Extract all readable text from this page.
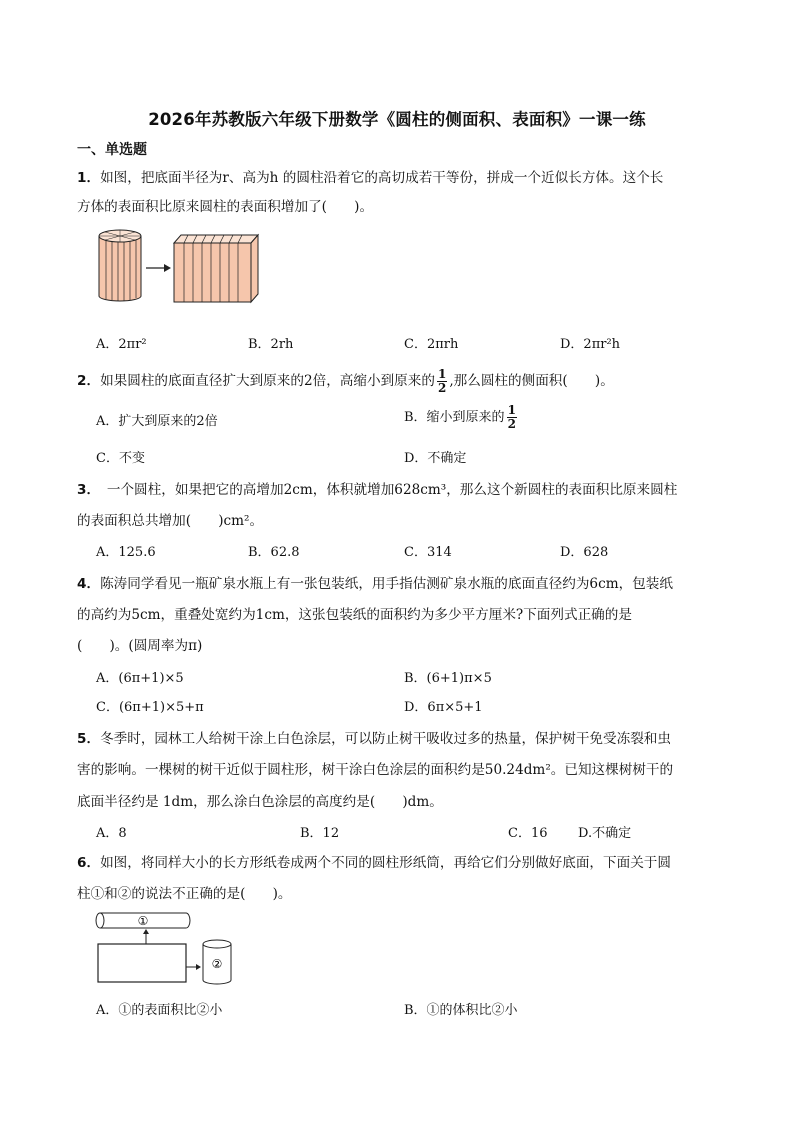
2026年苏教版六年级下册数学《圆柱的侧面积、表面积》一课一练
一、单选题
1．如图，把底面半径为r、高为h 的圆柱沿着它的高切成若干等份，拼成一个近似长方体。这个长
方体的表面积比原来圆柱的表面积增加了(　　)。
A．2πr²	B．2rh	C．2πrh	D．2πr²h
2．如果圆柱的底面直径扩大到原来的2倍，高缩小到原来的 $\frac{1}{2}$ ,那么圆柱的侧面积(　　)。
A．扩大到原来的2倍	B．缩小到原来的 $\frac{1}{2}$
C．不变	D．不确定
3．　一个圆柱，如果把它的高增加2cm，体积就增加628cm³，那么这个新圆柱的表面积比原来圆柱
的表面积总共增加(　　)cm²。
A．125.6	B．62.8	C．314	D．628
4．陈涛同学看见一瓶矿泉水瓶上有一张包装纸，用手指估测矿泉水瓶的底面直径约为6cm，包装纸
的高约为5cm，重叠处宽约为1cm，这张包装纸的面积约为多少平方厘米?下面列式正确的是
(　　)。(圆周率为π)
A．(6π+1)×5	B．(6+1)π×5
C．(6π+1)×5+π	D．6π×5+1
5．冬季时，园林工人给树干涂上白色涂层，可以防止树干吸收过多的热量，保护树干免受冻裂和虫
害的影响。一棵树的树干近似于圆柱形，树干涂白色涂层的面积约是50.24dm²。已知这棵树树干的
底面半径约是 1dm，那么涂白色涂层的高度约是(　　)dm。
A．8	B．12	C．16 D.不确定
6．如图，将同样大小的长方形纸卷成两个不同的圆柱形纸筒，再给它们分别做好底面，下面关于圆
柱①和②的说法不正确的是(　　)。
①
②
A．①的表面积比②小	B．①的体积比②小
